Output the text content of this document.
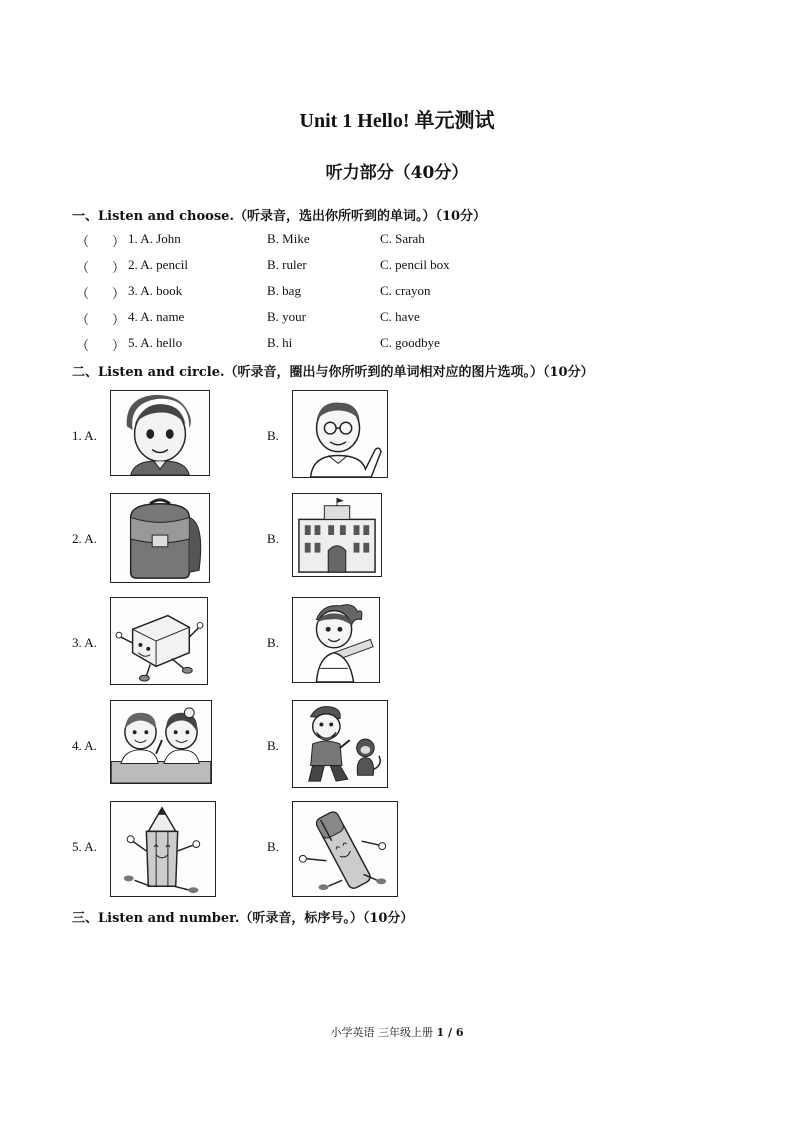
Unit 1 Hello! 单元测试
听力部分（40分）
一、Listen and choose.（听录音，选出你所听到的单词。）（10分）
（ ） 1. A. John	B. Mike	C. Sarah
（ ） 2. A. pencil	B. ruler	C. pencil box
（ ） 3. A. book	B. bag	C. crayon
（ ） 4. A. name	B. your	C. have
（ ） 5. A. hello	B. hi	C. goodbye
二、Listen and circle.（听录音，圈出与你所听到的单词相对应的图片选项。）（10分）
1. A.	B.
2. A.	B.
3. A.	B.
4. A.	B.
5. A.	B.
三、Listen and number.（听录音，标序号。）（10分）
小学英语 三年级上册 1 / 6
